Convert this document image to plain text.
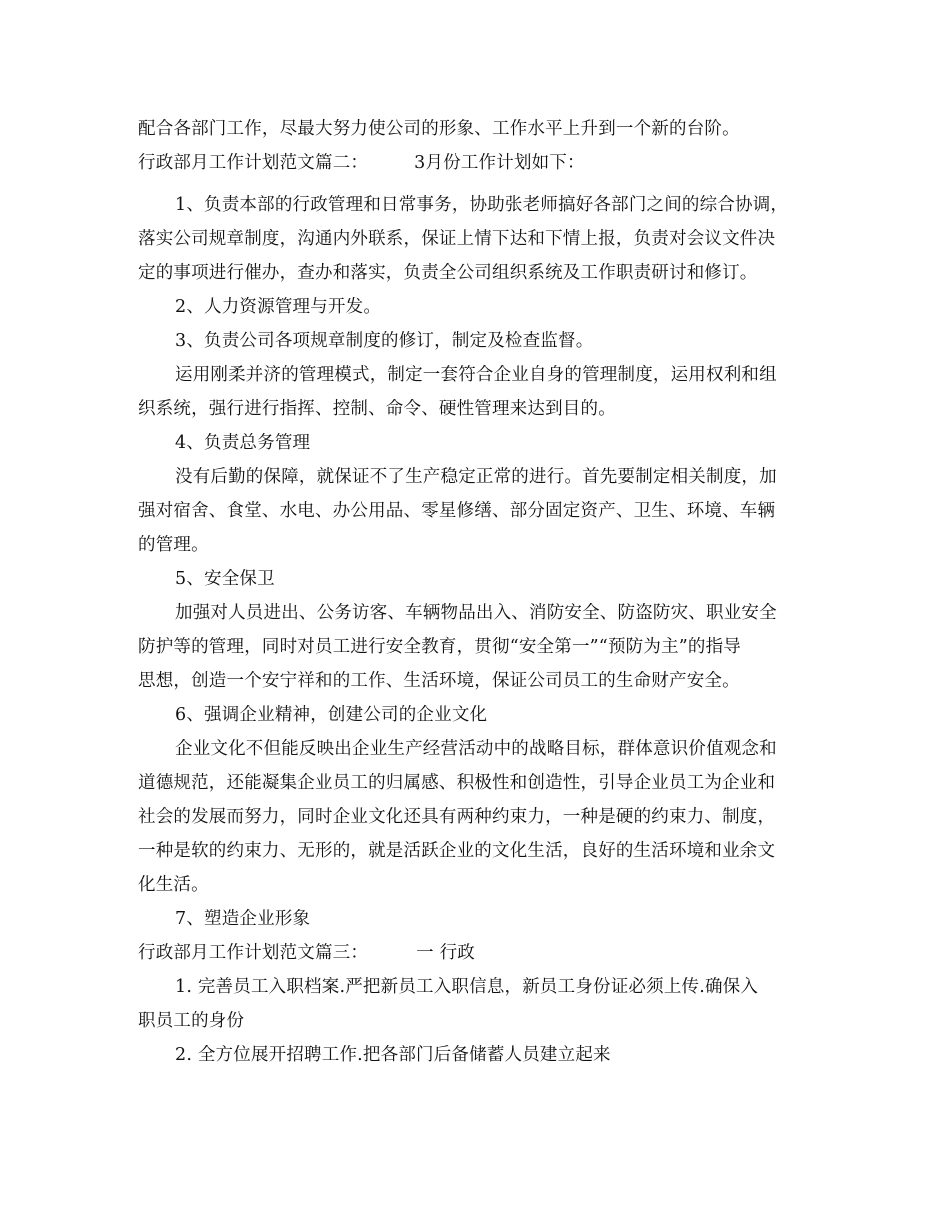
配合各部门工作，尽最大努力使公司的形象、工作水平上升到一个新的台阶。
行政部月工作计划范文篇二：	3月份工作计划如下：
1、负责本部的行政管理和日常事务，协助张老师搞好各部门之间的综合协调，
落实公司规章制度，沟通内外联系，保证上情下达和下情上报，负责对会议文件决
定的事项进行催办，查办和落实，负责全公司组织系统及工作职责研讨和修订。
2、人力资源管理与开发。
3、负责公司各项规章制度的修订，制定及检查监督。
运用刚柔并济的管理模式，制定一套符合企业自身的管理制度，运用权利和组
织系统，强行进行指挥、控制、命令、硬性管理来达到目的。
4、负责总务管理
没有后勤的保障，就保证不了生产稳定正常的进行。首先要制定相关制度，加
强对宿舍、食堂、水电、办公用品、零星修缮、部分固定资产、卫生、环境、车辆
的管理。
5、安全保卫
加强对人员进出、公务访客、车辆物品出入、消防安全、防盗防灾、职业安全
防护等的管理，同时对员工进行安全教育，贯彻“安全第一”“预防为主”的指导
思想，创造一个安宁祥和的工作、生活环境，保证公司员工的生命财产安全。
6、强调企业精神，创建公司的企业文化
企业文化不但能反映出企业生产经营活动中的战略目标，群体意识价值观念和
道德规范，还能凝集企业员工的归属感、积极性和创造性，引导企业员工为企业和
社会的发展而努力，同时企业文化还具有两种约束力，一种是硬的约束力、制度，
一种是软的约束力、无形的，就是活跃企业的文化生活，良好的生活环境和业余文
化生活。
7、塑造企业形象
行政部月工作计划范文篇三：	一 行政
1. 完善员工入职档案.严把新员工入职信息，新员工身份证必须上传.确保入
职员工的身份
2. 全方位展开招聘工作.把各部门后备储蓄人员建立起来
